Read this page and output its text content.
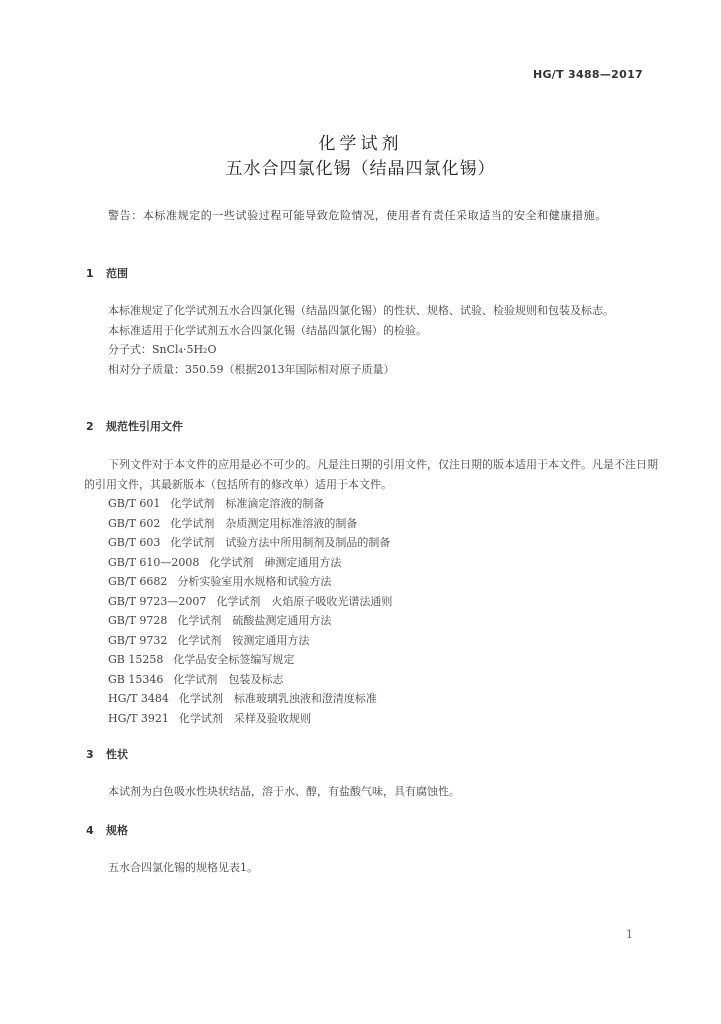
HG/T 3488—2017
化学试剂
五水合四氯化锡（结晶四氯化锡）
警告：本标准规定的一些试验过程可能导致危险情况，使用者有责任采取适当的安全和健康措施。
1 范围

本标准规定了化学试剂五水合四氯化锡（结晶四氯化锡）的性状、规格、试验、检验规则和包装及标志。

本标准适用于化学试剂五水合四氯化锡（结晶四氯化锡）的检验。

分子式：SnCl₄·5H₂O

相对分子质量：350.59（根据2013年国际相对原子质量）

2 规范性引用文件

下列文件对于本文件的应用是必不可少的。凡是注日期的引用文件，仅注日期的版本适用于本文件。凡是不注日期的引用文件，其最新版本（包括所有的修改单）适用于本文件。

GB/T 601 化学试剂　标准滴定溶液的制备
GB/T 602 化学试剂　杂质测定用标准溶液的制备
GB/T 603 化学试剂　试验方法中所用制剂及制品的制备
GB/T 610—2008 化学试剂　砷测定通用方法
GB/T 6682 分析实验室用水规格和试验方法
GB/T 9723—2007 化学试剂　火焰原子吸收光谱法通则
GB/T 9728 化学试剂　硫酸盐测定通用方法
GB/T 9732 化学试剂　铵测定通用方法
GB 15258 化学品安全标签编写规定
GB 15346 化学试剂　包装及标志
HG/T 3484 化学试剂　标准玻璃乳浊液和澄清度标准
HG/T 3921 化学试剂　采样及验收规则
3 性状

本试剂为白色吸水性块状结晶，溶于水、醇，有盐酸气味，具有腐蚀性。

4 规格

五水合四氯化锡的规格见表1。

1
